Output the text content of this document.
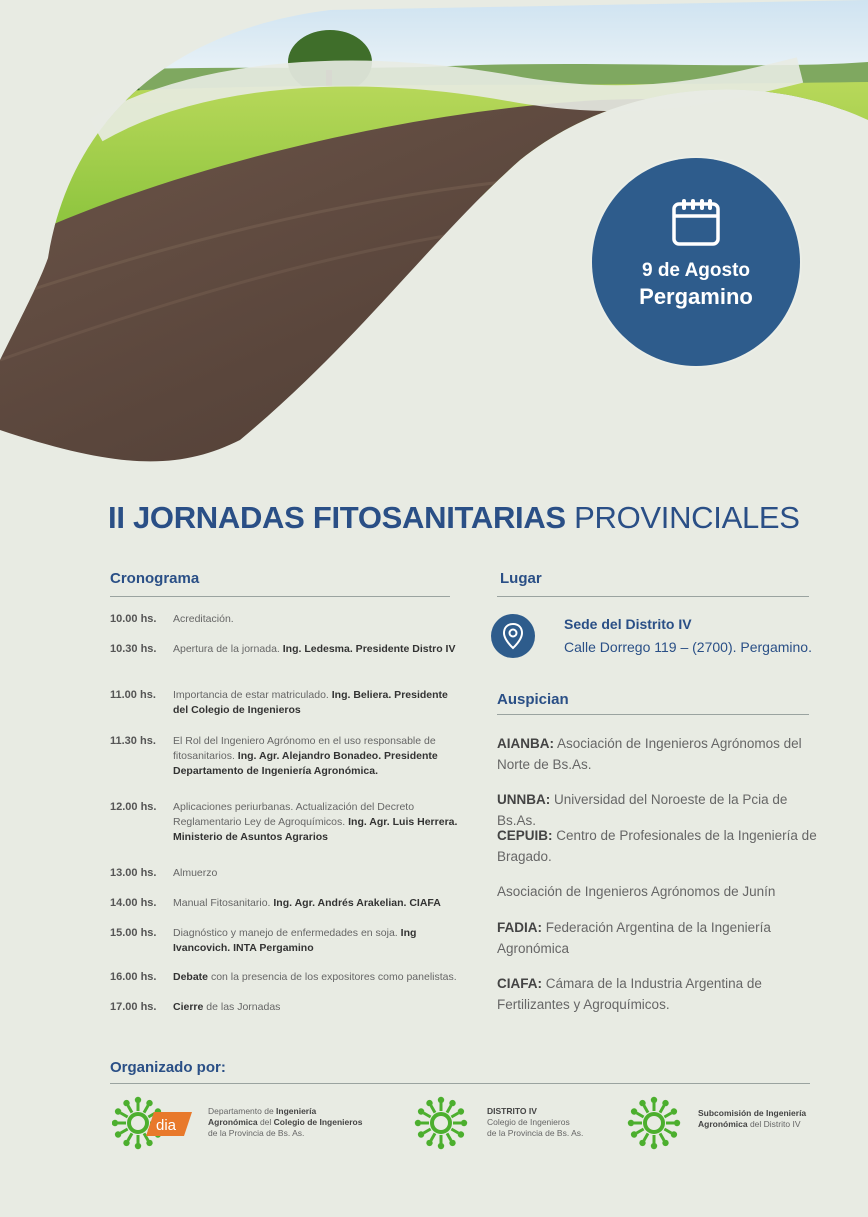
9 de Agosto
Pergamino
II JORNADAS FITOSANITARIAS PROVINCIALES
Cronograma
10.00 hs. Acreditación.
10.30 hs. Apertura de la jornada. Ing. Ledesma. Presidente Distro IV
11.00 hs. Importancia de estar matriculado. Ing. Beliera. Presidente del Colegio de Ingenieros
11.30 hs. El Rol del Ingeniero Agrónomo en el uso responsable de fitosanitarios. Ing. Agr. Alejandro Bonadeo. Presidente Departamento de Ingeniería Agronómica.
12.00 hs. Aplicaciones periurbanas. Actualización del Decreto Reglamentario Ley de Agroquímicos. Ing. Agr. Luis Herrera. Ministerio de Asuntos Agrarios
13.00 hs. Almuerzo
14.00 hs. Manual Fitosanitario. Ing. Agr. Andrés Arakelian. CIAFA
15.00 hs. Diagnóstico y manejo de enfermedades en soja. Ing Ivancovich. INTA Pergamino
16.00 hs. Debate con la presencia de los expositores como panelistas.
17.00 hs. Cierre de las Jornadas
Lugar
Sede del Distrito IV
Calle Dorrego 119 – (2700). Pergamino.
Auspician
AIANBA: Asociación de Ingenieros Agrónomos del Norte de Bs.As.
UNNBA: Universidad del Noroeste de la Pcia de Bs.As.
CEPUIB: Centro de Profesionales de la Ingeniería de Bragado.
Asociación de Ingenieros Agrónomos de Junín
FADIA: Federación Argentina de la Ingeniería Agronómica
CIAFA: Cámara de la Industria Argentina de Fertilizantes y Agroquímicos.
Organizado por:
dia
Departamento de Ingeniería
Agronómica del Colegio de Ingenieros
de la Provincia de Bs. As.
DISTRITO IV
Colegio de Ingenieros
de la Provincia de Bs. As.
Subcomisión de Ingeniería
Agronómica del Distrito IV
